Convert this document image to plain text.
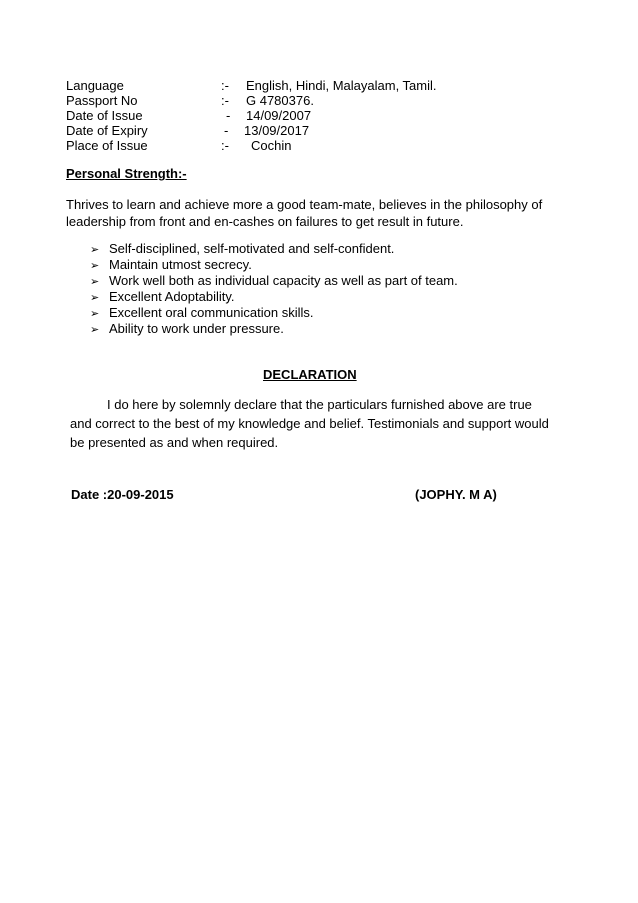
Language	:- English, Hindi, Malayalam, Tamil.
Passport No	:- G 4780376.
Date of Issue	- 14/09/2007
Date of Expiry	- 13/09/2017
Place of Issue	:- Cochin
Personal Strength:-
Thrives to learn and achieve more a good team-mate, believes in the philosophy of
leadership from front and en-cashes on failures to get result in future.
➢ Self-disciplined, self-motivated and self-confident.
➢ Maintain utmost secrecy.
➢ Work well both as individual capacity as well as part of team.
➢ Excellent Adoptability.
➢ Excellent oral communication skills.
➢ Ability to work under pressure.
DECLARATION
I do here by solemnly declare that the particulars furnished above are true
and correct to the best of my knowledge and belief. Testimonials and support would
be presented as and when required.
Date :20-09-2015	(JOPHY. M A)
